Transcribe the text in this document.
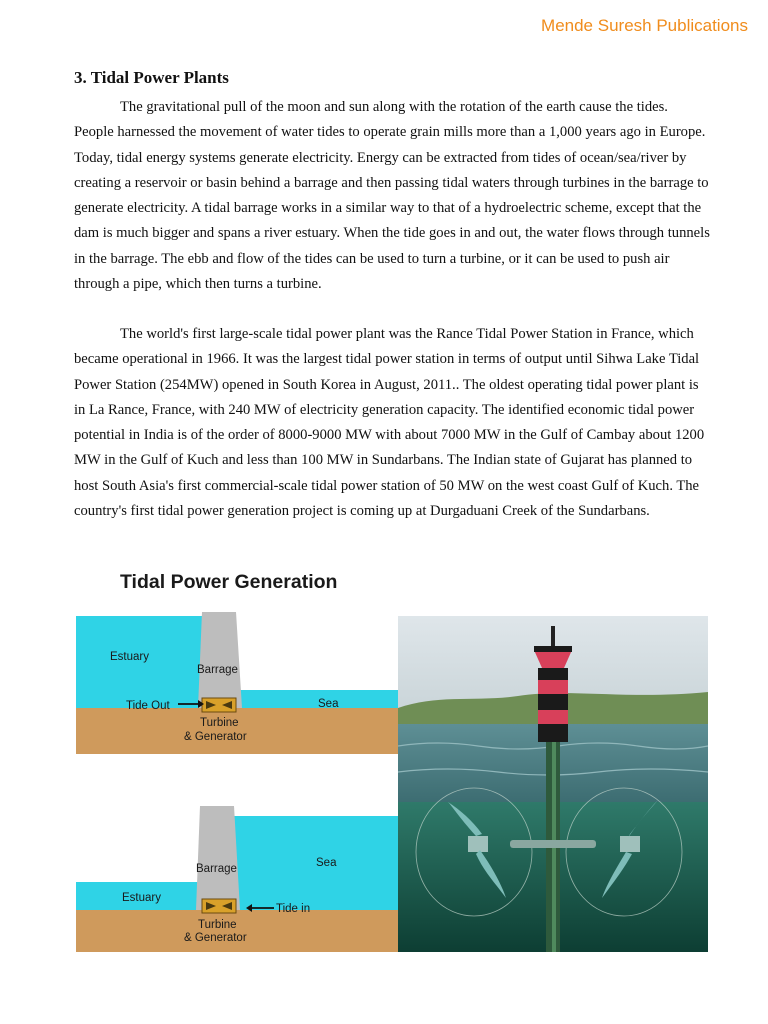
Mende Suresh Publications
3. Tidal Power Plants

The gravitational pull of the moon and sun along with the rotation of the earth cause the tides. People harnessed the movement of water tides to operate grain mills more than a 1,000 years ago in Europe. Today, tidal energy systems generate electricity. Energy can be extracted from tides of ocean/sea/river by creating a reservoir or basin behind a barrage and then passing tidal waters through turbines in the barrage to generate electricity. A tidal barrage works in a similar way to that of a hydroelectric scheme, except that the dam is much bigger and spans a river estuary. When the tide goes in and out, the water flows through tunnels in the barrage. The ebb and flow of the tides can be used to turn a turbine, or it can be used to push air through a pipe, which then turns a turbine.

The world's first large-scale tidal power plant was the Rance Tidal Power Station in France, which became operational in 1966. It was the largest tidal power station in terms of output until Sihwa Lake Tidal Power Station (254MW) opened in South Korea in August, 2011.. The oldest operating tidal power plant is in La Rance, France, with 240 MW of electricity generation capacity. The identified economic tidal power potential in India is of the order of 8000-9000 MW with about 7000 MW in the Gulf of Cambay about 1200 MW in the Gulf of Kuch and less than 100 MW in Sundarbans. The Indian state of Gujarat has planned to host South Asia's first commercial-scale tidal power station of 50 MW on the west coast Gulf of Kuch. The country's first tidal power generation project is coming up at Durgaduani Creek of the Sundarbans.

Tidal Power Generation
Estuary
Barrage
Sea
Tide Out
Turbine
& Generator
Barrage	Sea
Estuary
Tide in
Turbine
& Generator
